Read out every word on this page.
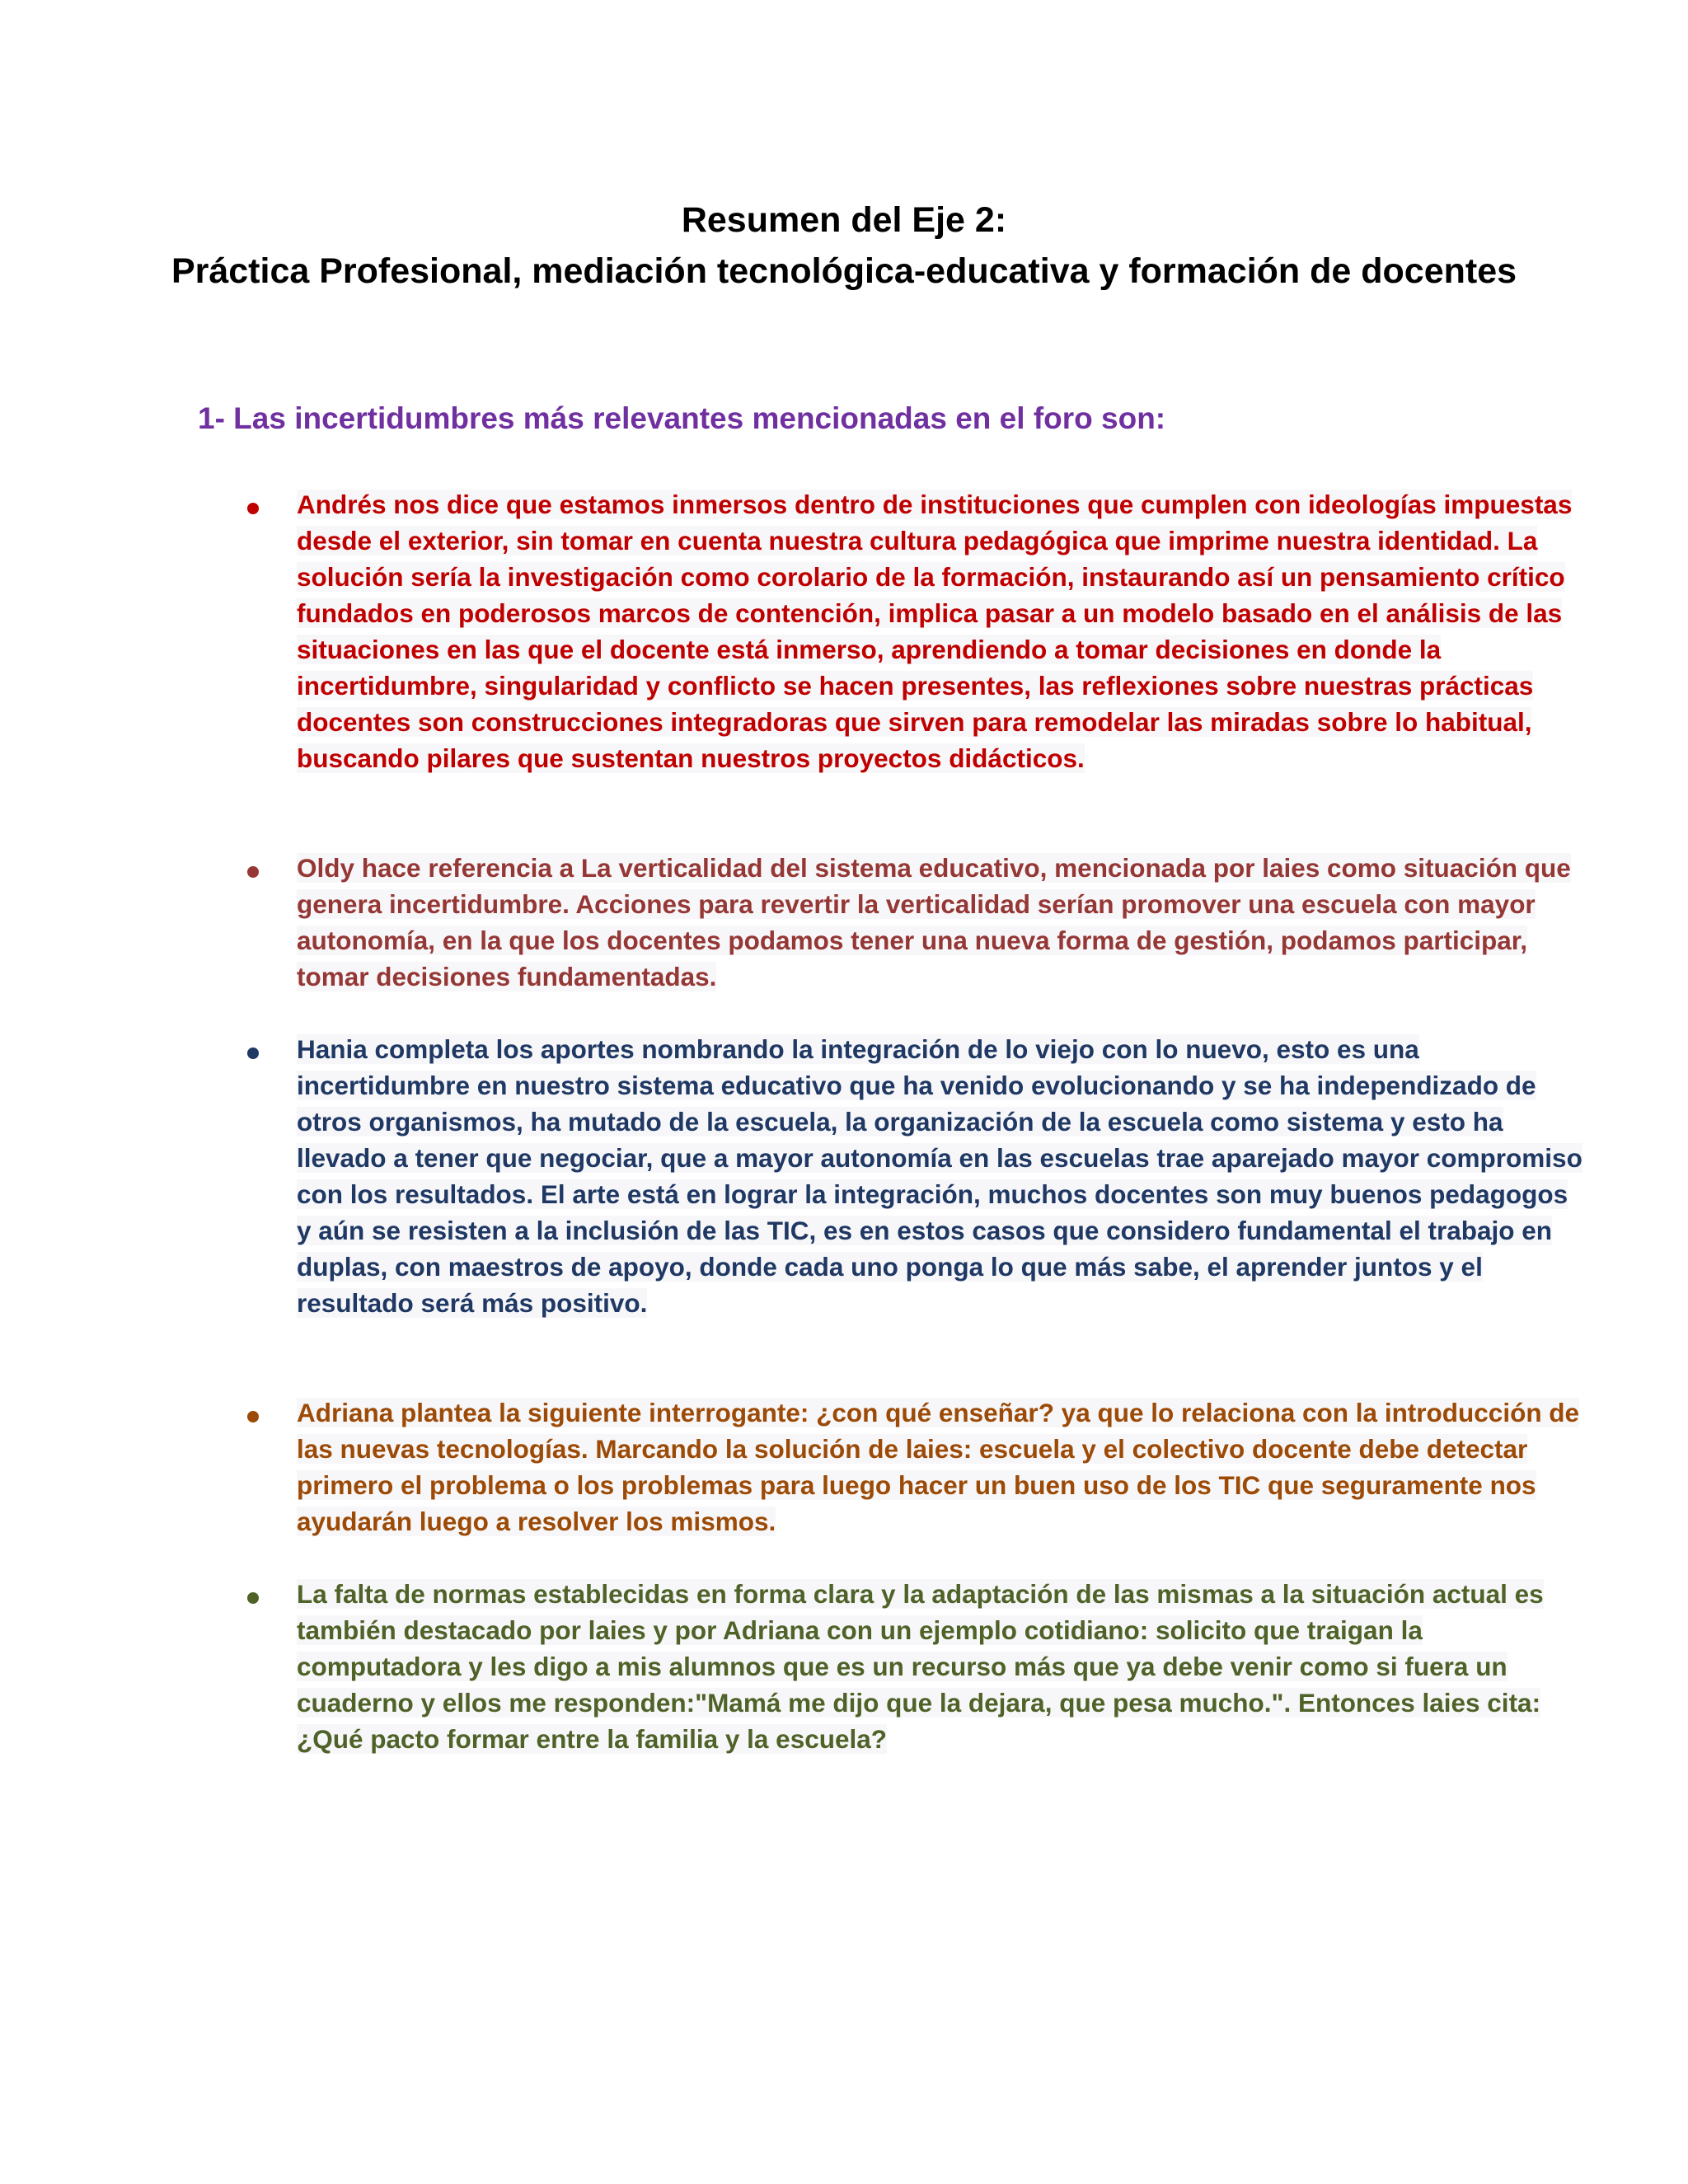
Resumen del Eje 2:
Práctica Profesional, mediación tecnológica-educativa y formación de docentes
1- Las incertidumbres más relevantes mencionadas en el foro son:

Andrés nos dice que estamos inmersos dentro de instituciones que cumplen con ideologías impuestas desde el exterior, sin tomar en cuenta nuestra cultura pedagógica que imprime nuestra identidad. La solución sería la investigación como corolario de la formación, instaurando así un pensamiento crítico fundados en poderosos marcos de contención, implica pasar a un modelo basado en el análisis de las situaciones en las que el docente está inmerso, aprendiendo a tomar decisiones en donde la incertidumbre, singularidad y conflicto se hacen presentes, las reflexiones sobre nuestras prácticas docentes son construcciones integradoras que sirven para remodelar las miradas sobre lo habitual, buscando pilares que sustentan nuestros proyectos didácticos.

Oldy hace referencia a La verticalidad del sistema educativo, mencionada por laies como situación que genera incertidumbre. Acciones para revertir la verticalidad serían promover una escuela con mayor autonomía, en la que los docentes podamos tener una nueva forma de gestión, podamos participar, tomar decisiones fundamentadas.

Hania completa los aportes nombrando la integración de lo viejo con lo nuevo, esto es una incertidumbre en nuestro sistema educativo que ha venido evolucionando y se ha independizado de otros organismos, ha mutado de la escuela, la organización de la escuela como sistema y esto ha llevado a tener que negociar, que a mayor autonomía en las escuelas trae aparejado mayor compromiso con los resultados. El arte está en lograr la integración, muchos docentes son muy buenos pedagogos y aún se resisten a la inclusión de las TIC, es en estos casos que considero fundamental el trabajo en duplas, con maestros de apoyo, donde cada uno ponga lo que más sabe, el aprender juntos y el resultado será más positivo.

Adriana plantea la siguiente interrogante: ¿con qué enseñar? ya que lo relaciona con la introducción de las nuevas tecnologías. Marcando la solución de laies: escuela y el colectivo docente debe detectar primero el problema o los problemas para luego hacer un buen uso de los TIC que seguramente nos ayudarán luego a resolver los mismos.

La falta de normas establecidas en forma clara y la adaptación de las mismas a la situación actual es también destacado por laies y por Adriana con un ejemplo cotidiano: solicito que traigan la computadora y les digo a mis alumnos que es un recurso más que ya debe venir como si fuera un cuaderno y ellos me responden:"Mamá me dijo que la dejara, que pesa mucho.". Entonces laies cita: ¿Qué pacto formar entre la familia y la escuela?
